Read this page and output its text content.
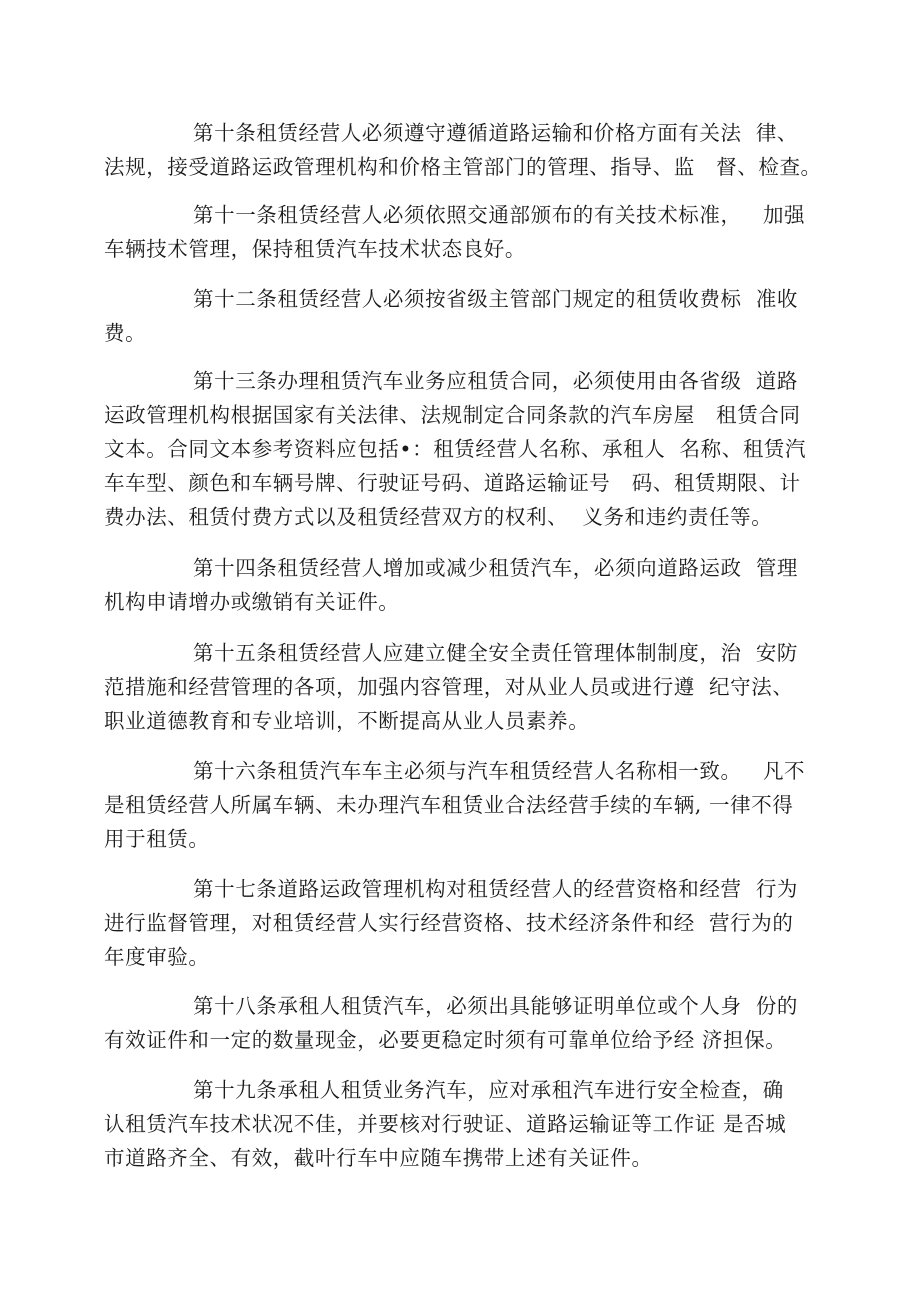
第十条租赁经营人必须遵守遵循道路运输和价格方面有关法  律、
法规，接受道路运政管理机构和价格主管部门的管理、指导、监   督、检查。
第十一条租赁经营人必须依照交通部颁布的有关技术标准，   加强
车辆技术管理，保持租赁汽车技术状态良好。
第十二条租赁经营人必须按省级主管部门规定的租赁收费标  准收
费。
第十三条办理租赁汽车业务应租赁合同，必须使用由各省级  道路
运政管理机构根据国家有关法律、法规制定合同条款的汽车房屋   租赁合同
文本。合同文本参考资料应包括•：租赁经营人名称、承租人  名称、租赁汽
车车型、颜色和车辆号牌、行驶证号码、道路运输证号   码、租赁期限、计
费办法、租赁付费方式以及租赁经营双方的权利、  义务和违约责任等。
第十四条租赁经营人增加或减少租赁汽车，必须向道路运政  管理
机构申请增办或缴销有关证件。
第十五条租赁经营人应建立健全安全责任管理体制制度，治  安防
范措施和经营管理的各项，加强内容管理，对从业人员或进行遵  纪守法、
职业道德教育和专业培训，不断提高从业人员素养。
第十六条租赁汽车车主必须与汽车租赁经营人名称相一致。   凡不
是租赁经营人所属车辆、未办理汽车租赁业合法经营手续的车辆, 一律不得
用于租赁。
第十七条道路运政管理机构对租赁经营人的经营资格和经营  行为
进行监督管理，对租赁经营人实行经营资格、技术经济条件和经  营行为的
年度审验。
第十八条承租人租赁汽车，必须出具能够证明单位或个人身  份的
有效证件和一定的数量现金，必要更稳定时须有可靠单位给予经 济担保。
第十九条承租人租赁业务汽车，应对承租汽车进行安全检查，确
认租赁汽车技术状况不佳，并要核对行驶证、道路运输证等工作证 是否城
市道路齐全、有效，截叶行车中应随车携带上述有关证件。
